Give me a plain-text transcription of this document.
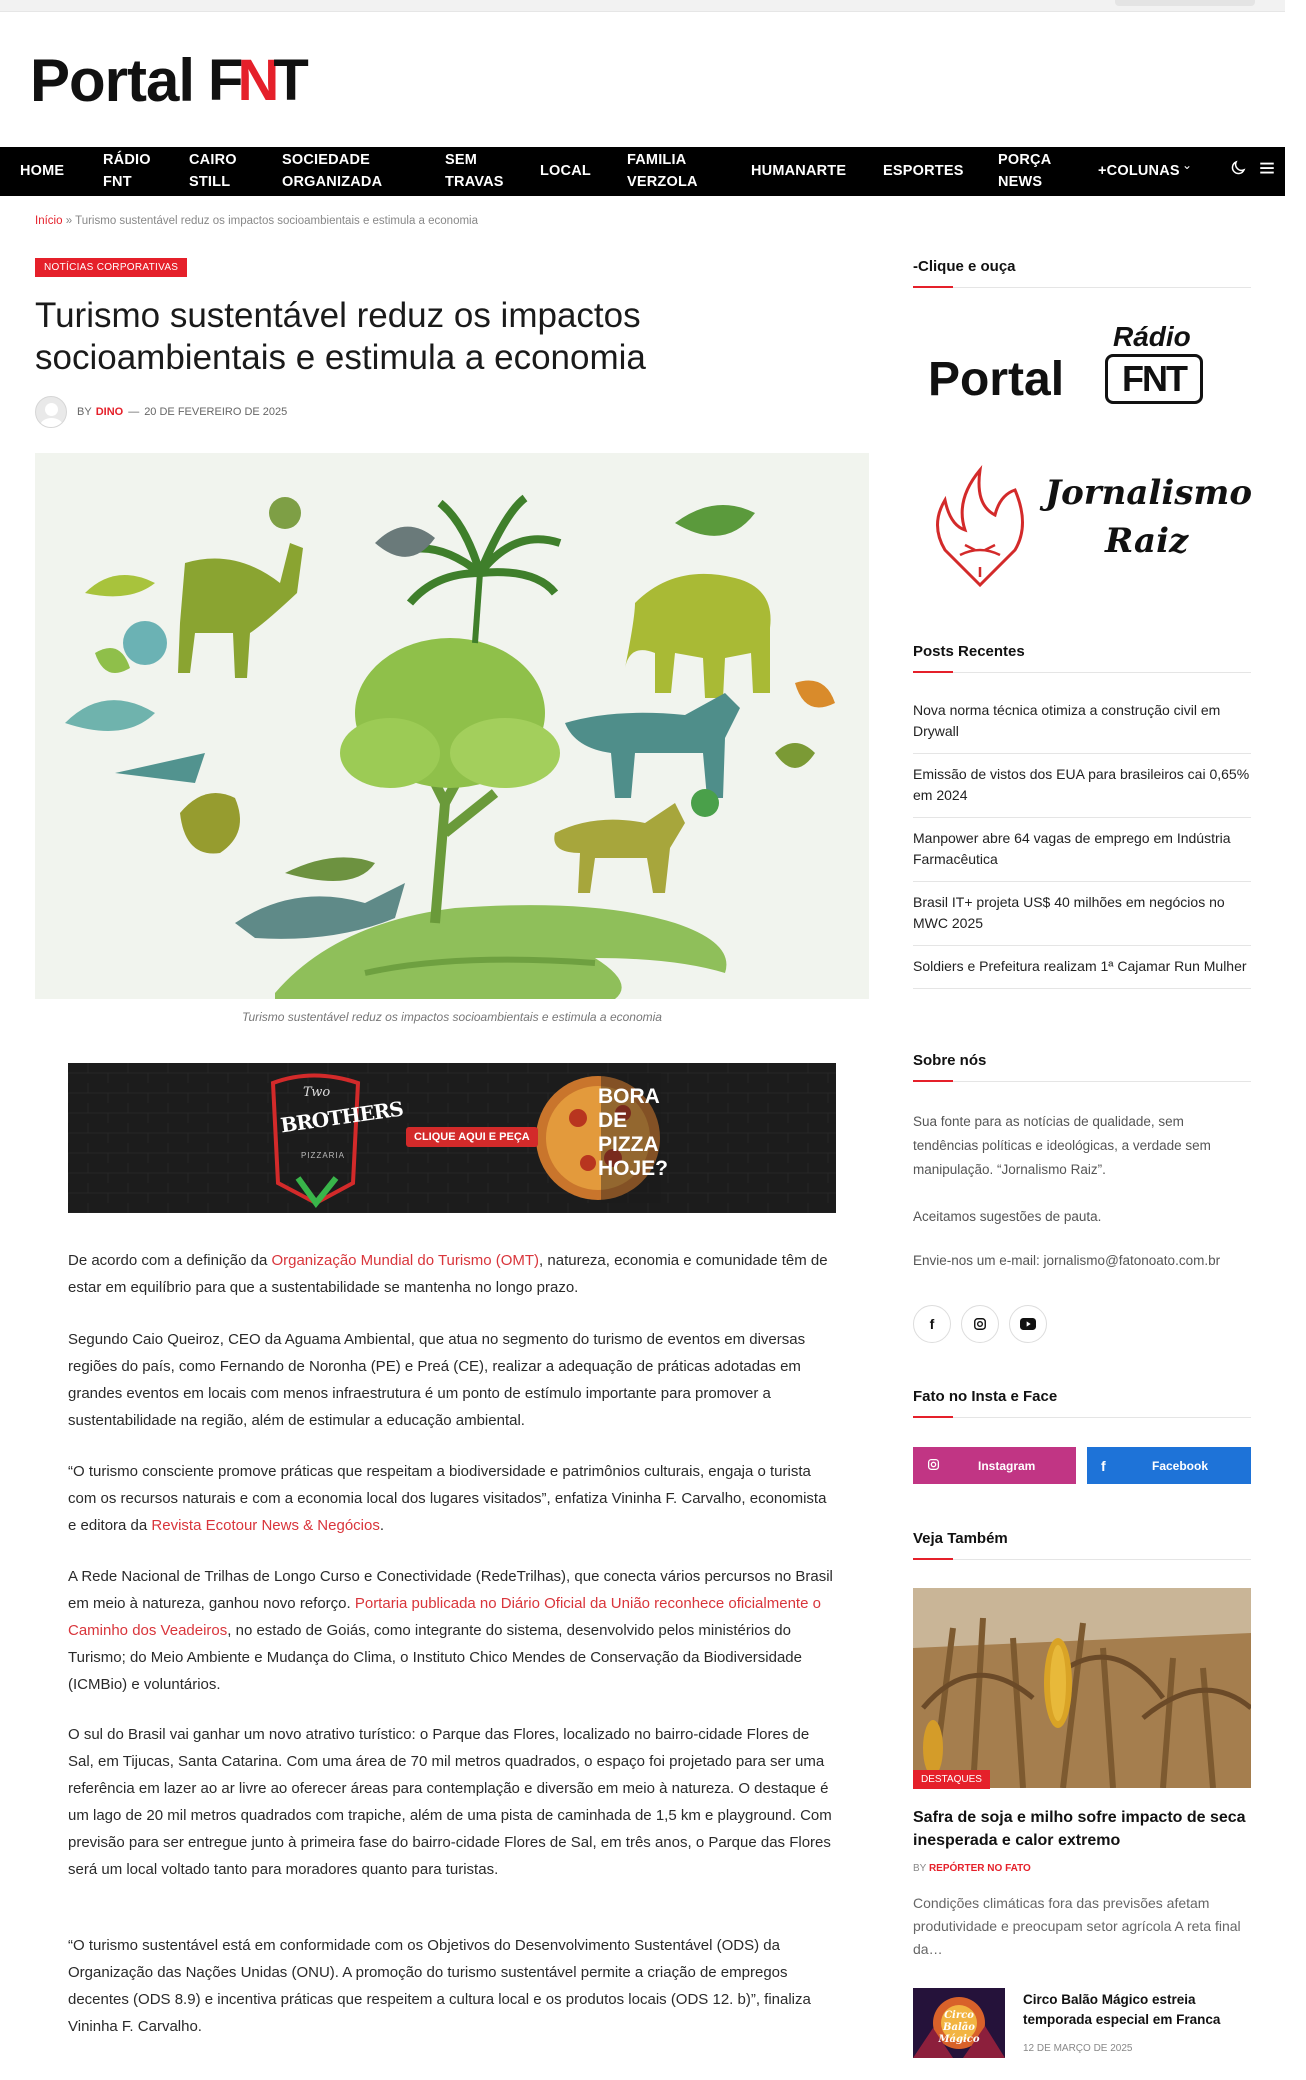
Portal F
N
T
HOME
RÁDIO FNT
CAIRO STILL
SOCIEDADE ORGANIZADA
SEM TRAVAS
LOCAL
FAMILIA VERZOLA
HUMANARTE	ESPORTES
PORÇA NEWS
+COLUNAS ⌄
Início » Turismo sustentável reduz os impactos socioambientais e estimula a economia
NOTÍCIAS CORPORATIVAS
Turismo sustentável reduz os impactos socioambientais e estimula a economia
BY DINO — 20 DE FEVEREIRO DE 2025
Turismo sustentável reduz os impactos socioambientais e estimula a economia
Two
BROTHERS
PIZZARIA
CLIQUE AQUI E PEÇA
BORA
DE
PIZZA
HOJE?

De acordo com a definição da Organização Mundial do Turismo (OMT), natureza, economia e comunidade têm de estar em equilíbrio para que a sustentabilidade se mantenha no longo prazo.

Segundo Caio Queiroz, CEO da Aguama Ambiental, que atua no segmento do turismo de eventos em diversas regiões do país, como Fernando de Noronha (PE) e Preá (CE), realizar a adequação de práticas adotadas em grandes eventos em locais com menos infraestrutura é um ponto de estímulo importante para promover a sustentabilidade na região, além de estimular a educação ambiental.

“O turismo consciente promove práticas que respeitam a biodiversidade e patrimônios culturais, engaja o turista com os recursos naturais e com a economia local dos lugares visitados”, enfatiza Vininha F. Carvalho, economista e editora da Revista Ecotour News & Negócios.

A Rede Nacional de Trilhas de Longo Curso e Conectividade (RedeTrilhas), que conecta vários percursos no Brasil em meio à natureza, ganhou novo reforço. Portaria publicada no Diário Oficial da União reconhece oficialmente o Caminho dos Veadeiros, no estado de Goiás, como integrante do sistema, desenvolvido pelos ministérios do Turismo; do Meio Ambiente e Mudança do Clima, o Instituto Chico Mendes de Conservação da Biodiversidade (ICMBio) e voluntários.

O sul do Brasil vai ganhar um novo atrativo turístico: o Parque das Flores, localizado no bairro-cidade Flores de Sal, em Tijucas, Santa Catarina. Com uma área de 70 mil metros quadrados, o espaço foi projetado para ser uma referência em lazer ao ar livre ao oferecer áreas para contemplação e diversão em meio à natureza. O destaque é um lago de 20 mil metros quadrados com trapiche, além de uma pista de caminhada de 1,5 km e playground. Com previsão para ser entregue junto à primeira fase do bairro-cidade Flores de Sal, em três anos, o Parque das Flores será um local voltado tanto para moradores quanto para turistas.

“O turismo sustentável está em conformidade com os Objetivos do Desenvolvimento Sustentável (ODS) da Organização das Nações Unidas (ONU). A promoção do turismo sustentável permite a criação de empregos decentes (ODS 8.9) e incentiva práticas que respeitem a cultura local e os produtos locais (ODS 12. b)”, finaliza Vininha F. Carvalho.

-Clique e ouça
Portal
Rádio
FNT
Jornalismo
Raiz
Posts Recentes
Nova norma técnica otimiza a construção civil em Drywall
Emissão de vistos dos EUA para brasileiros cai 0,65% em 2024
Manpower abre 64 vagas de emprego em Indústria Farmacêutica
Brasil IT+ projeta US$ 40 milhões em negócios no MWC 2025
Soldiers e Prefeitura realizam 1ª Cajamar Run Mulher
Sobre nós
Sua fonte para as notícias de qualidade, sem tendências políticas e ideológicas, a verdade sem manipulação. “Jornalismo Raiz”.
Aceitamos sugestões de pauta.
Envie-nos um e-mail: jornalismo@fatonoato.com.br
f
Fato no Insta e Face
Instagram	f	Facebook
Veja Também
DESTAQUES
Safra de soja e milho sofre impacto de seca inesperada e calor extremo
BY REPÓRTER NO FATO
Condições climáticas fora das previsões afetam produtividade e preocupam setor agrícola A reta final da…
Circo Balão Mágico
Circo Balão Mágico estreia temporada especial em Franca
12 DE MARÇO DE 2025
